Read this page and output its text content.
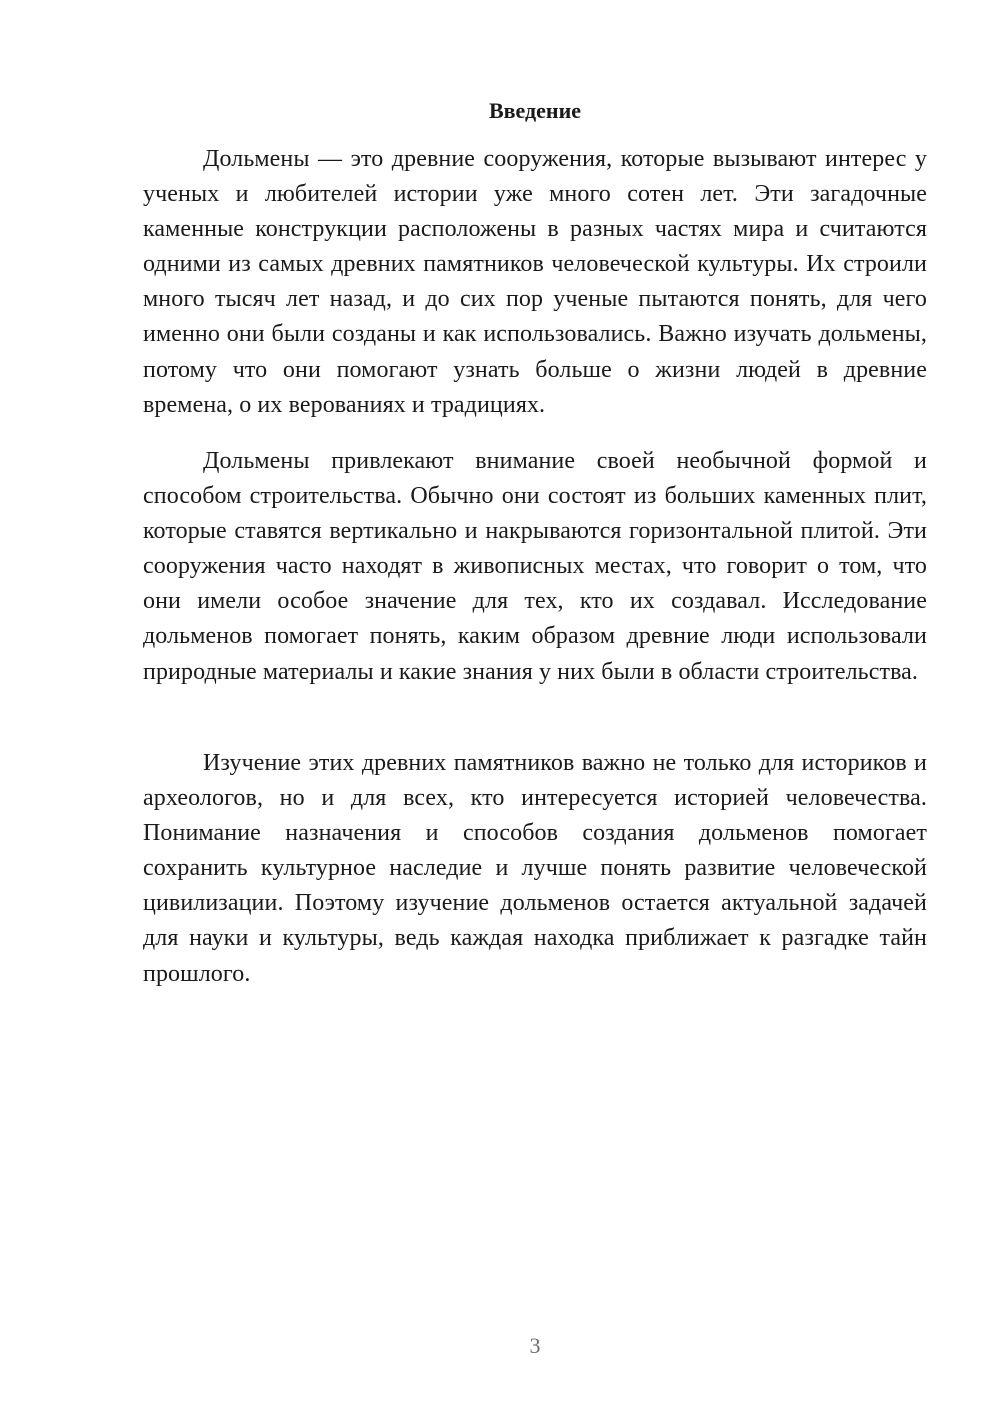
Введение

Дольмены — это древние сооружения, которые вызывают интерес у ученых и любителей истории уже много сотен лет. Эти загадочные каменные конструкции расположены в разных частях мира и считаются одними из самых древних памятников человеческой культуры. Их строили много тысяч лет назад, и до сих пор ученые пытаются понять, для чего именно они были созданы и как использовались. Важно изучать дольмены, потому что они помогают узнать больше о жизни людей в древние времена, о их верованиях и традициях.

Дольмены привлекают внимание своей необычной формой и способом строительства. Обычно они состоят из больших каменных плит, которые ставятся вертикально и накрываются горизонтальной плитой. Эти сооружения часто находят в живописных местах, что говорит о том, что они имели особое значение для тех, кто их создавал. Исследование дольменов помогает понять, каким образом древние люди использовали природные материалы и какие знания у них были в области строительства.

Изучение этих древних памятников важно не только для историков и археологов, но и для всех, кто интересуется историей человечества. Понимание назначения и способов создания дольменов помогает сохранить культурное наследие и лучше понять развитие человеческой цивилизации. Поэтому изучение дольменов остается актуальной задачей для науки и культуры, ведь каждая находка приближает к разгадке тайн прошлого.

3
